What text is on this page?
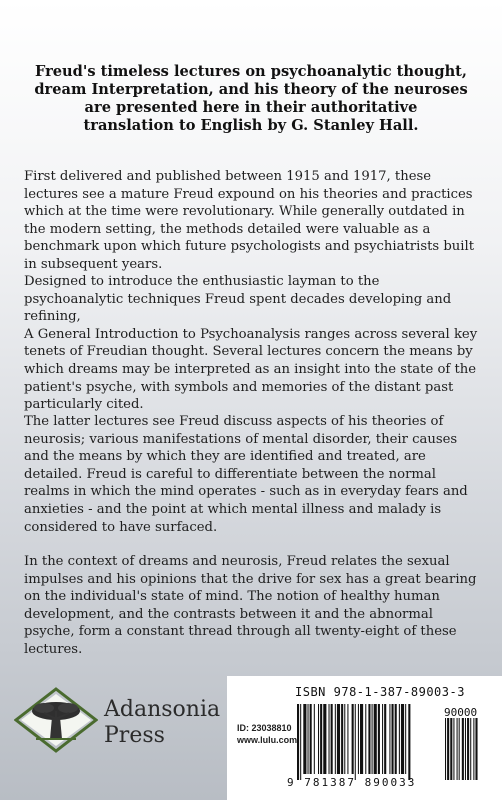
Freud's timeless lectures on psychoanalytic thought,
dream Interpretation, and his theory of the neuroses
are presented here in their authoritative
translation to English by G. Stanley Hall.

First delivered and published between 1915 and 1917, these lectures see a mature Freud expound on his theories and practices which at the time were revolutionary. While generally outdated in the modern setting, the methods detailed were valuable as a benchmark upon which future psychologists and psychiatrists built in subsequent years.

Designed to introduce the enthusiastic layman to the psychoanalytic techniques Freud spent decades developing and refining,
A General Introduction to Psychoanalysis ranges across several key tenets of Freudian thought. Several lectures concern the means by which dreams may be interpreted as an insight into the state of the patient's psyche, with symbols and memories of the distant past particularly cited.

The latter lectures see Freud discuss aspects of his theories of neurosis; various manifestations of mental disorder, their causes and the means by which they are identified and treated, are detailed. Freud is careful to differentiate between the normal realms in which the mind operates - such as in everyday fears and anxieties - and the point at which mental illness and malady is considered to have surfaced.

In the context of dreams and neurosis, Freud relates the sexual impulses and his opinions that the drive for sex has a great bearing on the individual's state of mind. The notion of healthy human development, and the contrasts between it and the abnormal psyche, form a constant thread through all twenty-eight of these lectures.

Adansonia
Press
ISBN 978-1-387-89003-3
ID: 23038810
www.lulu.com
90000
9 781387 890033
